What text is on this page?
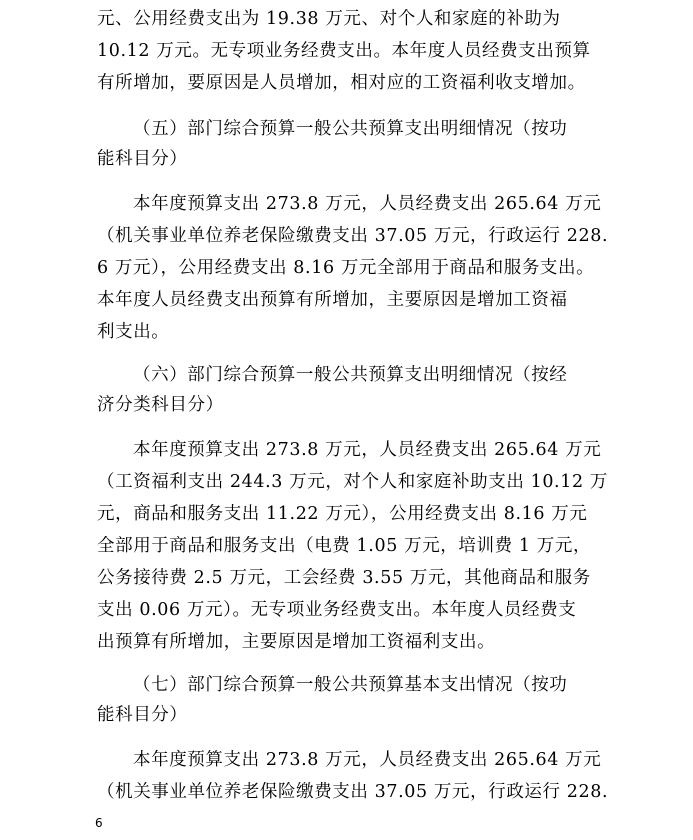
元、公用经费支出为 19.38 万元、对个人和家庭的补助为
10.12 万元。无专项业务经费支出。本年度人员经费支出预算
有所增加，要原因是人员增加，相对应的工资福利收支增加。
（五）部门综合预算一般公共预算支出明细情况（按功
能科目分）
本年度预算支出 273.8 万元，人员经费支出 265.64 万元
（机关事业单位养老保险缴费支出 37.05 万元，行政运行 228.
6 万元），公用经费支出 8.16 万元全部用于商品和服务支出。
本年度人员经费支出预算有所增加，主要原因是增加工资福
利支出。
（六）部门综合预算一般公共预算支出明细情况（按经
济分类科目分）
本年度预算支出 273.8 万元，人员经费支出 265.64 万元
（工资福利支出 244.3 万元，对个人和家庭补助支出 10.12 万
元，商品和服务支出 11.22 万元），公用经费支出 8.16 万元
全部用于商品和服务支出（电费 1.05 万元，培训费 1 万元，
公务接待费 2.5 万元，工会经费 3.55 万元，其他商品和服务
支出 0.06 万元）。无专项业务经费支出。本年度人员经费支
出预算有所增加，主要原因是增加工资福利支出。
（七）部门综合预算一般公共预算基本支出情况（按功
能科目分）
本年度预算支出 273.8 万元，人员经费支出 265.64 万元
（机关事业单位养老保险缴费支出 37.05 万元，行政运行 228.
6
